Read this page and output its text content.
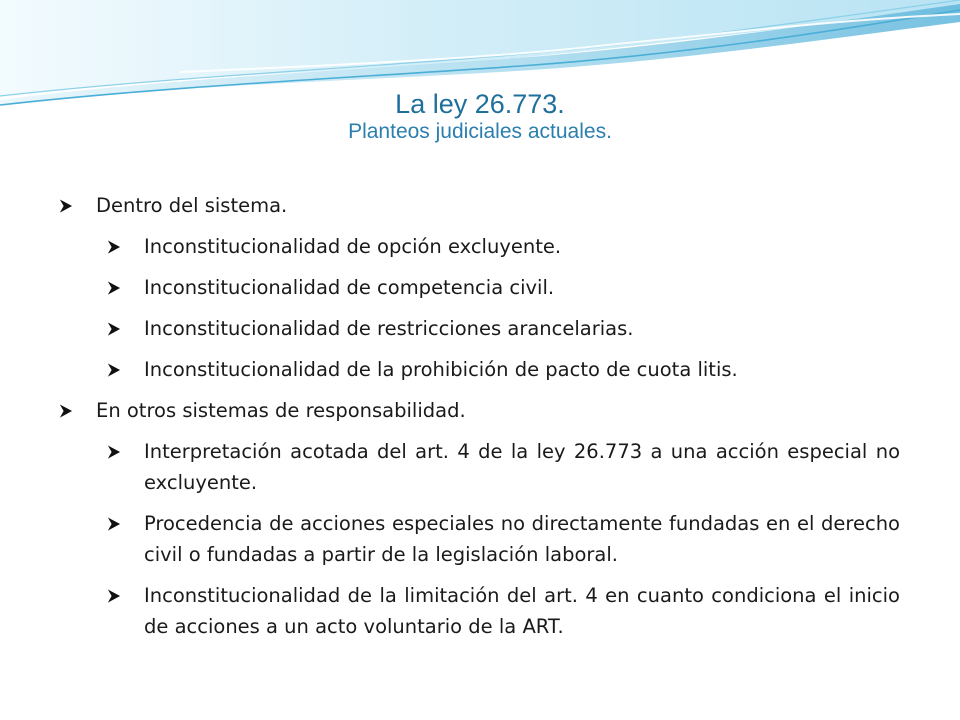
La ley 26.773.
Planteos judiciales actuales.
Dentro del sistema.
Inconstitucionalidad de opción excluyente.
Inconstitucionalidad de competencia civil.
Inconstitucionalidad de restricciones arancelarias.
Inconstitucionalidad de la prohibición de pacto de cuota litis.
En otros sistemas de responsabilidad.
Interpretación acotada del art. 4 de la ley 26.773 a una acción especial no excluyente.
Procedencia de acciones especiales no directamente fundadas en el derecho civil o fundadas a partir de la legislación laboral.
Inconstitucionalidad de la limitación del art. 4 en cuanto condiciona el inicio de acciones a un acto voluntario de la ART.
